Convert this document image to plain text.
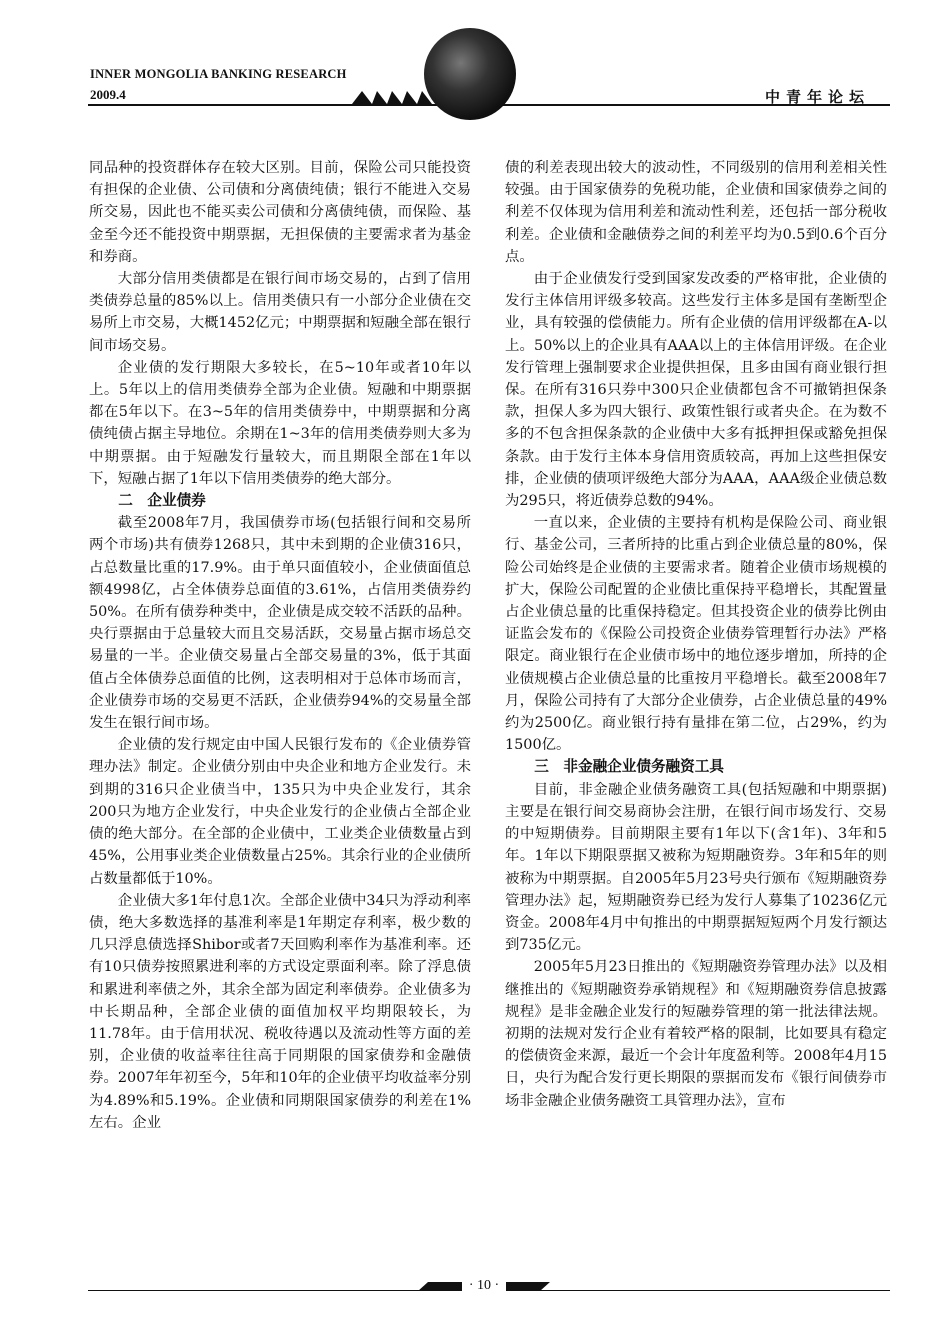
INNER MONGOLIA BANKING RESEARCH
2009.4	中青年论坛

同品种的投资群体存在较大区别。目前，保险公司只能投资有担保的企业债、公司债和分离债纯债；银行不能进入交易所交易，因此也不能买卖公司债和分离债纯债，而保险、基金至今还不能投资中期票据，无担保债的主要需求者为基金和券商。

大部分信用类债都是在银行间市场交易的，占到了信用类债券总量的85%以上。信用类债只有一小部分企业债在交易所上市交易，大概1452亿元；中期票据和短融全部在银行间市场交易。

企业债的发行期限大多较长，在5~10年或者10年以上。5年以上的信用类债券全部为企业债。短融和中期票据都在5年以下。在3~5年的信用类债券中，中期票据和分离债纯债占据主导地位。余期在1~3年的信用类债券则大多为中期票据。由于短融发行量较大，而且期限全部在1年以下，短融占据了1年以下信用类债券的绝大部分。

二　企业债券

截至2008年7月，我国债券市场(包括银行间和交易所两个市场)共有债券1268只，其中未到期的企业债316只，占总数量比重的17.9%。由于单只面值较小，企业债面值总额4998亿，占全体债券总面值的3.61%，占信用类债券约50%。在所有债券种类中，企业债是成交较不活跃的品种。央行票据由于总量较大而且交易活跃，交易量占据市场总交易量的一半。企业债交易量占全部交易量的3%，低于其面值占全体债券总面值的比例，这表明相对于总体市场而言，企业债券市场的交易更不活跃，企业债券94%的交易量全部发生在银行间市场。

企业债的发行规定由中国人民银行发布的《企业债券管理办法》制定。企业债分别由中央企业和地方企业发行。未到期的316只企业债当中，135只为中央企业发行，其余200只为地方企业发行，中央企业发行的企业债占全部企业债的绝大部分。在全部的企业债中，工业类企业债数量占到45%，公用事业类企业债数量占25%。其余行业的企业债所占数量都低于10%。

企业债大多1年付息1次。全部企业债中34只为浮动利率债，绝大多数选择的基准利率是1年期定存利率，极少数的几只浮息债选择Shibor或者7天回购利率作为基准利率。还有10只债券按照累进利率的方式设定票面利率。除了浮息债和累进利率债之外，其余全部为固定利率债券。企业债多为中长期品种，全部企业债的面值加权平均期限较长，为11.78年。由于信用状况、税收待遇以及流动性等方面的差别，企业债的收益率往往高于同期限的国家债券和金融债券。2007年年初至今，5年和10年的企业债平均收益率分别为4.89%和5.19%。企业债和同期限国家债券的利差在1%左右。企业

债的利差表现出较大的波动性，不同级别的信用利差相关性较强。由于国家债券的免税功能，企业债和国家债券之间的利差不仅体现为信用利差和流动性利差，还包括一部分税收利差。企业债和金融债券之间的利差平均为0.5到0.6个百分点。

由于企业债发行受到国家发改委的严格审批，企业债的发行主体信用评级多较高。这些发行主体多是国有垄断型企业，具有较强的偿债能力。所有企业债的信用评级都在A-以上。50%以上的企业具有AAA以上的主体信用评级。在企业发行管理上强制要求企业提供担保，且多由国有商业银行担保。在所有316只券中300只企业债都包含不可撤销担保条款，担保人多为四大银行、政策性银行或者央企。在为数不多的不包含担保条款的企业债中大多有抵押担保或豁免担保条款。由于发行主体本身信用资质较高，再加上这些担保安排，企业债的债项评级绝大部分为AAA，AAA级企业债总数为295只，将近债券总数的94%。

一直以来，企业债的主要持有机构是保险公司、商业银行、基金公司，三者所持的比重占到企业债总量的80%，保险公司始终是企业债的主要需求者。随着企业债市场规模的扩大，保险公司配置的企业债比重保持平稳增长，其配置量占企业债总量的比重保持稳定。但其投资企业的债券比例由证监会发布的《保险公司投资企业债券管理暂行办法》严格限定。商业银行在企业债市场中的地位逐步增加，所持的企业债规模占企业债总量的比重按月平稳增长。截至2008年7月，保险公司持有了大部分企业债券，占企业债总量的49%约为2500亿。商业银行持有量排在第二位，占29%，约为1500亿。

三　非金融企业债务融资工具

目前，非金融企业债务融资工具(包括短融和中期票据)主要是在银行间交易商协会注册，在银行间市场发行、交易的中短期债券。目前期限主要有1年以下(含1年)、3年和5年。1年以下期限票据又被称为短期融资券。3年和5年的则被称为中期票据。自2005年5月23号央行颁布《短期融资券管理办法》起，短期融资券已经为发行人募集了10236亿元资金。2008年4月中旬推出的中期票据短短两个月发行额达到735亿元。

2005年5月23日推出的《短期融资券管理办法》以及相继推出的《短期融资券承销规程》和《短期融资券信息披露规程》是非金融企业发行的短融券管理的第一批法律法规。初期的法规对发行企业有着较严格的限制，比如要具有稳定的偿债资金来源，最近一个会计年度盈利等。2008年4月15日，央行为配合发行更长期限的票据而发布《银行间债券市场非金融企业债务融资工具管理办法》，宣布

· 10 ·
